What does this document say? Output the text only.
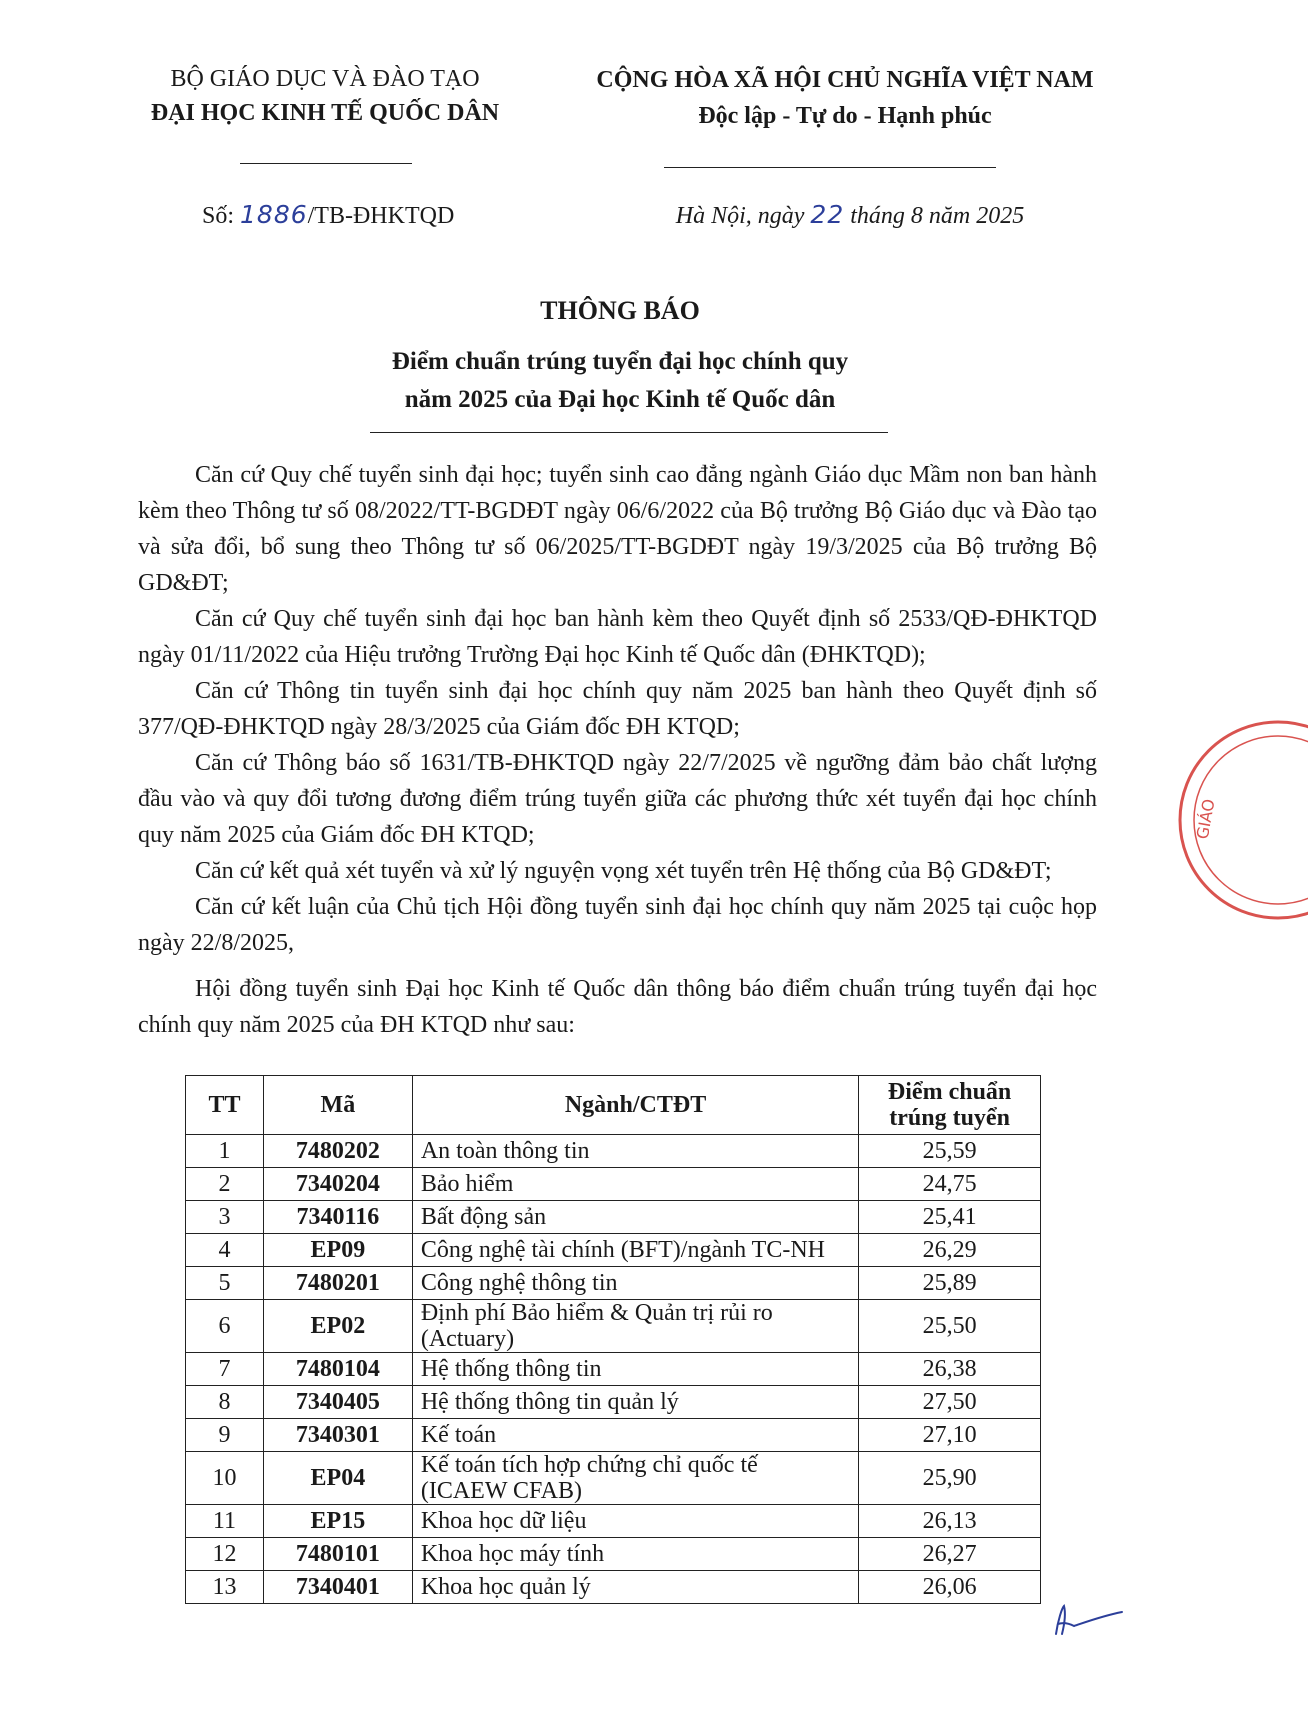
BỘ GIÁO DỤC VÀ ĐÀO TẠO
ĐẠI HỌC KINH TẾ QUỐC DÂN
CỘNG HÒA XÃ HỘI CHỦ NGHĨA VIỆT NAM
Độc lập - Tự do - Hạnh phúc
Số: 1886/TB-ĐHKTQD	Hà Nội, ngày 22 tháng 8 năm 2025
THÔNG BÁO
Điểm chuẩn trúng tuyển đại học chính quy
năm 2025 của Đại học Kinh tế Quốc dân

Căn cứ Quy chế tuyển sinh đại học; tuyển sinh cao đẳng ngành Giáo dục Mầm non ban hành kèm theo Thông tư số 08/2022/TT-BGDĐT ngày 06/6/2022 của Bộ trưởng Bộ Giáo dục và Đào tạo và sửa đổi, bổ sung theo Thông tư số 06/2025/TT-BGDĐT ngày 19/3/2025 của Bộ trưởng Bộ GD&ĐT;

Căn cứ Quy chế tuyển sinh đại học ban hành kèm theo Quyết định số 2533/QĐ-ĐHKTQD ngày 01/11/2022 của Hiệu trưởng Trường Đại học Kinh tế Quốc dân (ĐHKTQD);

Căn cứ Thông tin tuyển sinh đại học chính quy năm 2025 ban hành theo Quyết định số 377/QĐ-ĐHKTQD ngày 28/3/2025 của Giám đốc ĐH KTQD;

Căn cứ Thông báo số 1631/TB-ĐHKTQD ngày 22/7/2025 về ngưỡng đảm bảo chất lượng đầu vào và quy đổi tương đương điểm trúng tuyển giữa các phương thức xét tuyển đại học chính quy năm 2025 của Giám đốc ĐH KTQD;

Căn cứ kết quả xét tuyển và xử lý nguyện vọng xét tuyển trên Hệ thống của Bộ GD&ĐT;

Căn cứ kết luận của Chủ tịch Hội đồng tuyển sinh đại học chính quy năm 2025 tại cuộc họp ngày 22/8/2025,

Hội đồng tuyển sinh Đại học Kinh tế Quốc dân thông báo điểm chuẩn trúng tuyển đại học chính quy năm 2025 của ĐH KTQD như sau:

TT	Mã	Ngành/CTĐT	Điểm chuẩn
trúng tuyển

1	7480202	An toàn thông tin	25,59
2	7340204	Bảo hiểm	24,75
3	7340116	Bất động sản	25,41
4	EP09	Công nghệ tài chính (BFT)/ngành TC-NH	26,29
5	7480201	Công nghệ thông tin	25,89
6	EP02	Định phí Bảo hiểm & Quản trị rủi ro
(Actuary)	25,50
7	7480104	Hệ thống thông tin	26,38
8	7340405	Hệ thống thông tin quản lý	27,50
9	7340301	Kế toán	27,10
10	EP04	Kế toán tích hợp chứng chỉ quốc tế
(ICAEW CFAB)	25,90
11	EP15	Khoa học dữ liệu	26,13
12	7480101	Khoa học máy tính	26,27
13	7340401	Khoa học quản lý	26,06
GIÁO
